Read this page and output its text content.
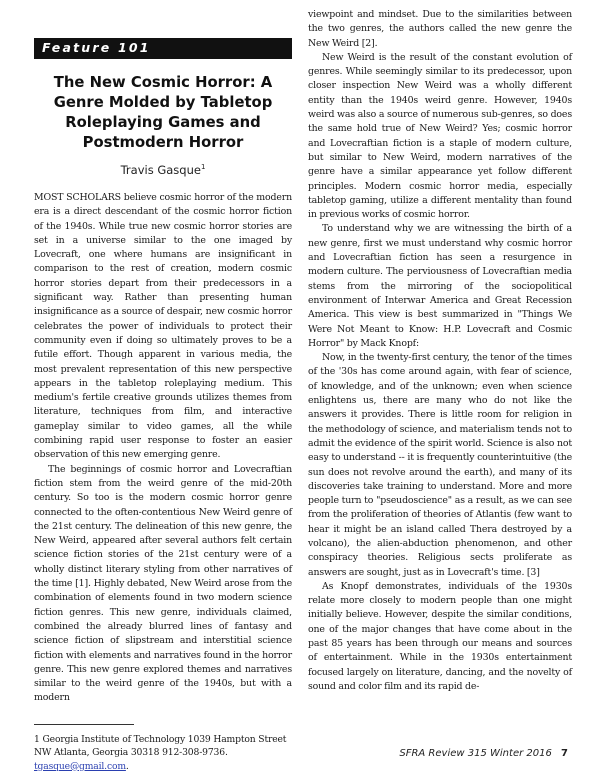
Feature 101
The New Cosmic Horror: A Genre Molded by Tabletop Roleplaying Games and Postmodern Horror
Travis Gasque$^1$

MOST SCHOLARS believe cosmic horror of the modern era is a direct descendant of the cosmic horror fiction of the 1940s. While true new cosmic horror stories are set in a universe similar to the one imaged by Lovecraft, one where humans are insignificant in comparison to the rest of creation, modern cosmic horror stories depart from their predecessors in a significant way. Rather than presenting human insignificance as a source of despair, new cosmic horror celebrates the power of individuals to protect their community even if doing so ultimately proves to be a futile effort. Though apparent in various media, the most prevalent representation of this new perspective appears in the tabletop roleplaying medium. This medium's fertile creative grounds utilizes themes from literature, techniques from film, and interactive gameplay similar to video games, all the while combining rapid user response to foster an easier observation of this new emerging genre.

The beginnings of cosmic horror and Lovecraftian fiction stem from the weird genre of the mid-20th century. So too is the modern cosmic horror genre connected to the often-contentious New Weird genre of the 21st century. The delineation of this new genre, the New Weird, appeared after several authors felt certain science fiction stories of the 21st century were of a wholly distinct literary styling from other narratives of the time [1]. Highly debated, New Weird arose from the combination of elements found in two modern science fiction genres. This new genre, individuals claimed, combined the already blurred lines of fantasy and science fiction of slipstream and interstitial science fiction with elements and narratives found in the horror genre. This new genre explored themes and narratives similar to the weird genre of the 1940s, but with a modern

1 Georgia Institute of Technology 1039 Hampton Street NW Atlanta, Georgia 30318 912-308-9736. tgasque@gmail.com.

viewpoint and mindset. Due to the similarities between the two genres, the authors called the new genre the New Weird [2].

New Weird is the result of the constant evolution of genres. While seemingly similar to its predecessor, upon closer inspection New Weird was a wholly different entity than the 1940s weird genre. However, 1940s weird was also a source of numerous sub-genres, so does the same hold true of New Weird? Yes; cosmic horror and Lovecraftian fiction is a staple of modern culture, but similar to New Weird, modern narratives of the genre have a similar appearance yet follow different principles. Modern cosmic horror media, especially tabletop gaming, utilize a different mentality than found in previous works of cosmic horror.

To understand why we are witnessing the birth of a new genre, first we must understand why cosmic horror and Lovecraftian fiction has seen a resurgence in modern culture. The perviousness of Lovecraftian media stems from the mirroring of the sociopolitical environment of Interwar America and Great Recession America. This view is best summarized in "Things We Were Not Meant to Know: H.P. Lovecraft and Cosmic Horror" by Mack Knopf:

Now, in the twenty-first century, the tenor of the times of the '30s has come around again, with fear of science, of knowledge, and of the unknown; even when science enlightens us, there are many who do not like the answers it provides. There is little room for religion in the methodology of science, and materialism tends not to admit the evidence of the spirit world. Science is also not easy to understand -- it is frequently counterintuitive (the sun does not revolve around the earth), and many of its discoveries take training to understand. More and more people turn to "pseudoscience" as a result, as we can see from the proliferation of theories of Atlantis (few want to hear it might be an island called Thera destroyed by a volcano), the alien-abduction phenomenon, and other conspiracy theories. Religious sects proliferate as answers are sought, just as in Lovecraft's time. [3]

As Knopf demonstrates, individuals of the 1930s relate more closely to modern people than one might initially believe. However, despite the similar conditions, one of the major changes that have come about in the past 85 years has been through our means and sources of entertainment. While in the 1930s entertainment focused largely on literature, dancing, and the novelty of sound and color film and its rapid de-

SFRA Review 315 Winter 2016 7
